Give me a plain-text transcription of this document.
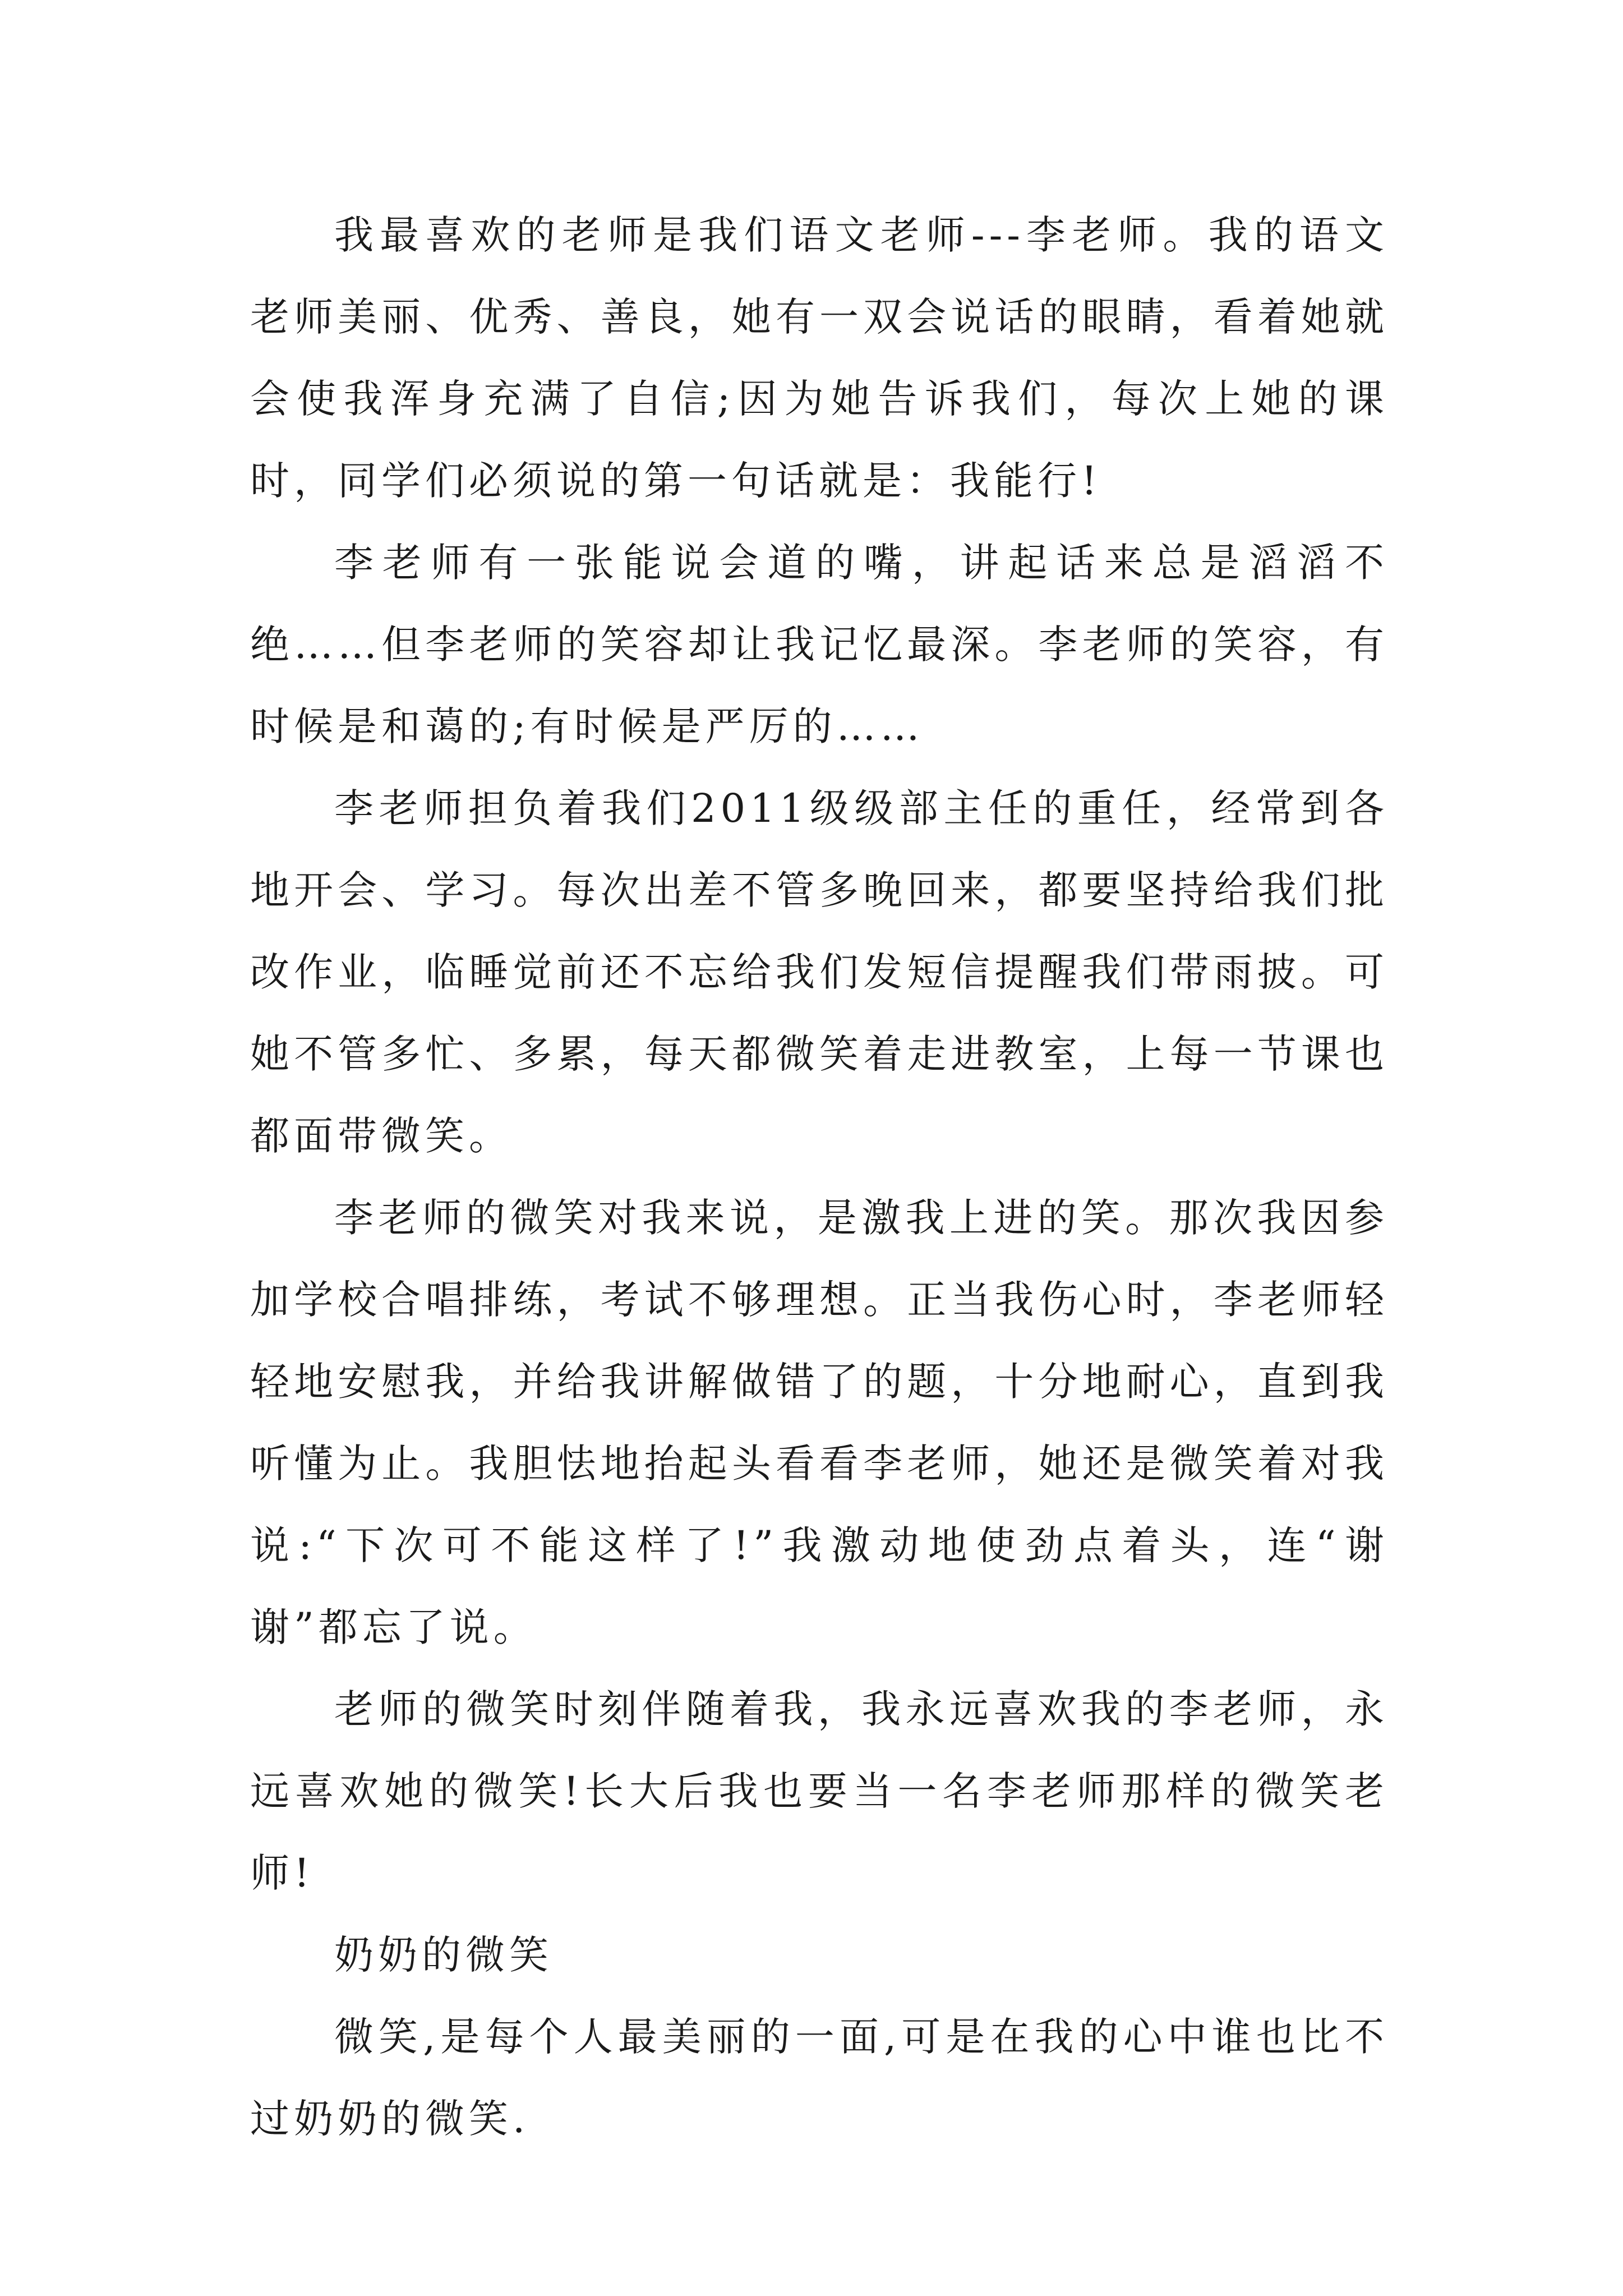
我最喜欢的老师是我们语文老师---李老师。我的语文老师美丽、优秀、善良，她有一双会说话的眼睛，看着她就会使我浑身充满了自信;因为她告诉我们，每次上她的课时，同学们必须说的第一句话就是：我能行!

李老师有一张能说会道的嘴，讲起话来总是滔滔不绝……但李老师的笑容却让我记忆最深。李老师的笑容，有时候是和蔼的;有时候是严厉的……

李老师担负着我们2011级级部主任的重任，经常到各地开会、学习。每次出差不管多晚回来，都要坚持给我们批改作业，临睡觉前还不忘给我们发短信提醒我们带雨披。可她不管多忙、多累，每天都微笑着走进教室，上每一节课也都面带微笑。

李老师的微笑对我来说，是激我上进的笑。那次我因参加学校合唱排练，考试不够理想。正当我伤心时，李老师轻轻地安慰我，并给我讲解做错了的题，十分地耐心，直到我听懂为止。我胆怯地抬起头看看李老师，她还是微笑着对我说:“下次可不能这样了!”我激动地使劲点着头，连“谢谢”都忘了说。

老师的微笑时刻伴随着我，我永远喜欢我的李老师，永远喜欢她的微笑!长大后我也要当一名李老师那样的微笑老师!

奶奶的微笑

微笑,是每个人最美丽的一面,可是在我的心中谁也比不过奶奶的微笑.
